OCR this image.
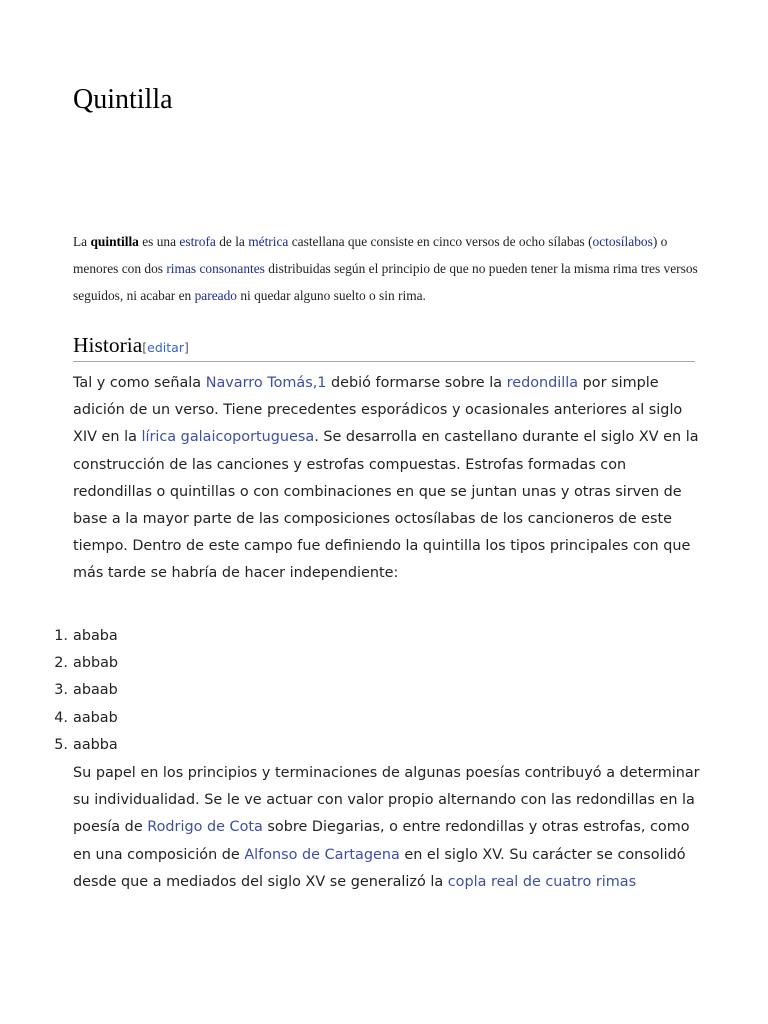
Quintilla

La quintilla es una estrofa de la métrica castellana que consiste en cinco versos de ocho sílabas (octosílabos) o menores con dos rimas consonantes distribuidas según el principio de que no pueden tener la misma rima tres versos seguidos, ni acabar en pareado ni quedar alguno suelto o sin rima.

Historia[editar]

Tal y como señala Navarro Tomás,1 debió formarse sobre la redondilla por simple adición de un verso. Tiene precedentes esporádicos y ocasionales anteriores al siglo XIV en la lírica galaicoportuguesa. Se desarrolla en castellano durante el siglo XV en la construcción de las canciones y estrofas compuestas. Estrofas formadas con redondillas o quintillas o con combinaciones en que se juntan unas y otras sirven de base a la mayor parte de las composiciones octosílabas de los cancioneros de este tiempo. Dentro de este campo fue definiendo la quintilla los tipos principales con que más tarde se habría de hacer independiente:

1. ababa
2. abbab
3. abaab
4. aabab
5. aabba

Su papel en los principios y terminaciones de algunas poesías contribuyó a determinar su individualidad. Se le ve actuar con valor propio alternando con las redondillas en la poesía de Rodrigo de Cota sobre Diegarias, o entre redondillas y otras estrofas, como en una composición de Alfonso de Cartagena en el siglo XV. Su carácter se consolidó desde que a mediados del siglo XV se generalizó la copla real de cuatro rimas
